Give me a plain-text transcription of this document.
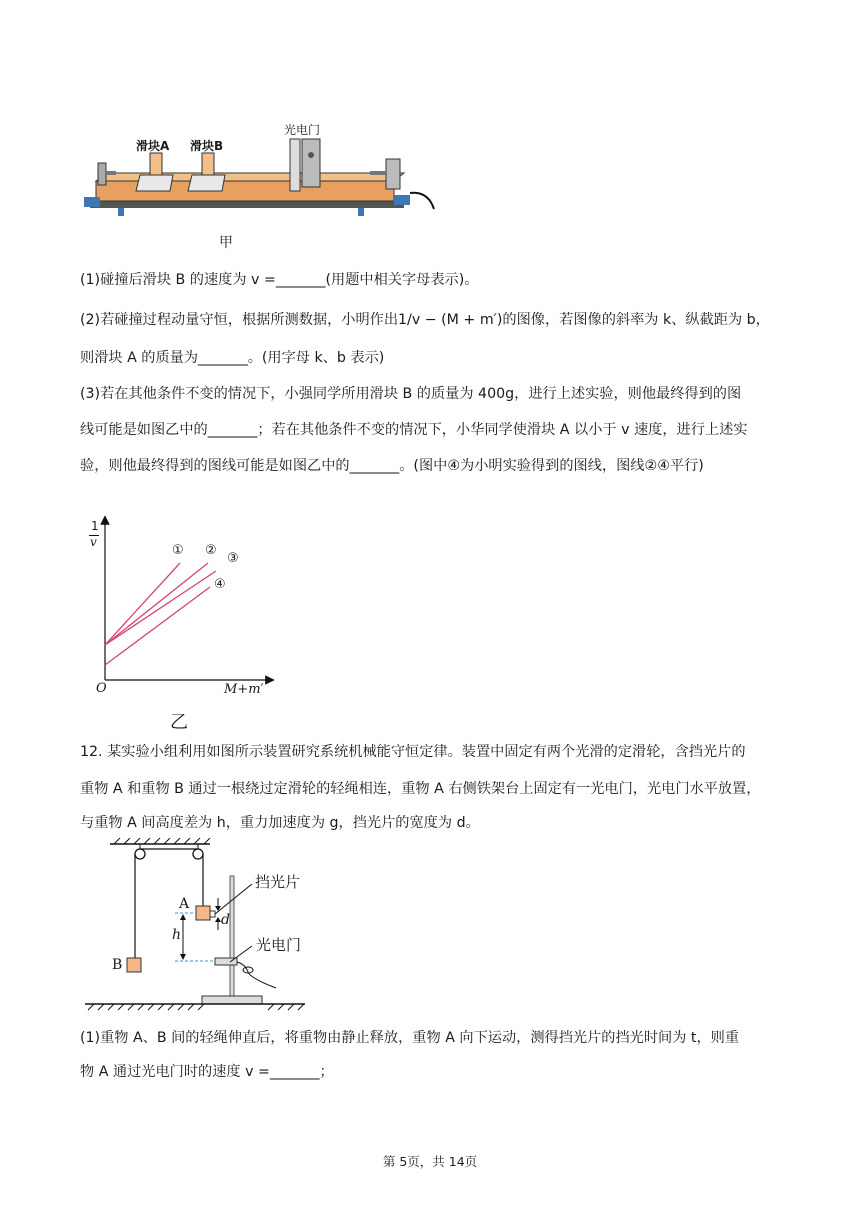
滑块A 滑块B
光电门
甲
(1)碰撞后滑块 B 的速度为 v =_______(用题中相关字母表示)。
(2)若碰撞过程动量守恒，根据所测数据，小明作出1/v − (M + m′)的图像，若图像的斜率为 k、纵截距为 b，
则滑块 A 的质量为_______。(用字母 k、b 表示)
(3)若在其他条件不变的情况下，小强同学所用滑块 B 的质量为 400g，进行上述实验，则他最终得到的图
线可能是如图乙中的_______；若在其他条件不变的情况下，小华同学使滑块 A 以小于 v 速度，进行上述实
验，则他最终得到的图线可能是如图乙中的_______。(图中④为小明实验得到的图线，图线②④平行)
1
v
O	M+m′
① ②
③
④
乙
12. 某实验小组利用如图所示装置研究系统机械能守恒定律。装置中固定有两个光滑的定滑轮，含挡光片的
重物 A 和重物 B 通过一根绕过定滑轮的轻绳相连，重物 A 右侧铁架台上固定有一光电门，光电门水平放置，
与重物 A 间高度差为 h，重力加速度为 g，挡光片的宽度为 d。
A
B
h
d
挡光片
光电门
(1)重物 A、B 间的轻绳伸直后，将重物由静止释放，重物 A 向下运动，测得挡光片的挡光时间为 t，则重
物 A 通过光电门时的速度 v =_______；
第 5页，共 14页
